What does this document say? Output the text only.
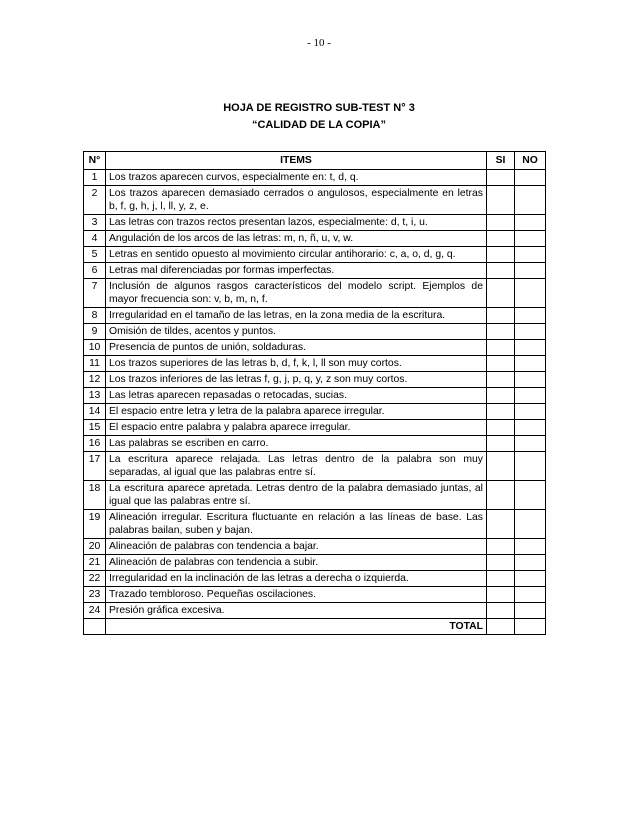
- 10 -
HOJA DE REGISTRO SUB-TEST N° 3
“CALIDAD DE LA COPIA”
N°	ITEMS	SI	NO
1	Los trazos aparecen curvos, especialmente en: t, d, q.		
2	Los trazos aparecen demasiado cerrados o angulosos, especialmente en letras b, f, g, h, j, l, ll, y, z, e.		
3	Las letras con trazos rectos presentan lazos, especialmente: d, t, i, u.		
4	Angulación de los arcos de las letras: m, n, ñ, u, v, w.		
5	Letras en sentido opuesto al movimiento circular antihorario: c, a, o, d, g, q.		
6	Letras mal diferenciadas por formas imperfectas.		
7	Inclusión de algunos rasgos característicos del modelo script. Ejemplos de mayor frecuencia son: v, b, m, n, f.		
8	Irregularidad en el tamaño de las letras, en la zona media de la escritura.		
9	Omisión de tildes, acentos y puntos.		
10	Presencia de puntos de unión, soldaduras.		
11	Los trazos superiores de las letras b, d, f, k, l, ll son muy cortos.		
12	Los trazos inferiores de las letras f, g, j, p, q, y, z son muy cortos.		
13	Las letras aparecen repasadas o retocadas, sucias.		
14	El espacio entre letra y letra de la palabra aparece irregular.		
15	El espacio entre palabra y palabra aparece irregular.		
16	Las palabras se escriben en carro.		
17	La escritura aparece relajada. Las letras dentro de la palabra son muy separadas, al igual que las palabras entre sí.		
18	La escritura aparece apretada. Letras dentro de la palabra demasiado juntas, al igual que las palabras entre sí.		
19	Alineación irregular. Escritura fluctuante en relación a las líneas de base. Las palabras bailan, suben y bajan.		
20	Alineación de palabras con tendencia a bajar.		
21	Alineación de palabras con tendencia a subir.		
22	Irregularidad en la inclinación de las letras a derecha o izquierda.		
23	Trazado tembloroso. Pequeñas oscilaciones.		
24	Presión gráfica excesiva.		
	TOTAL		
